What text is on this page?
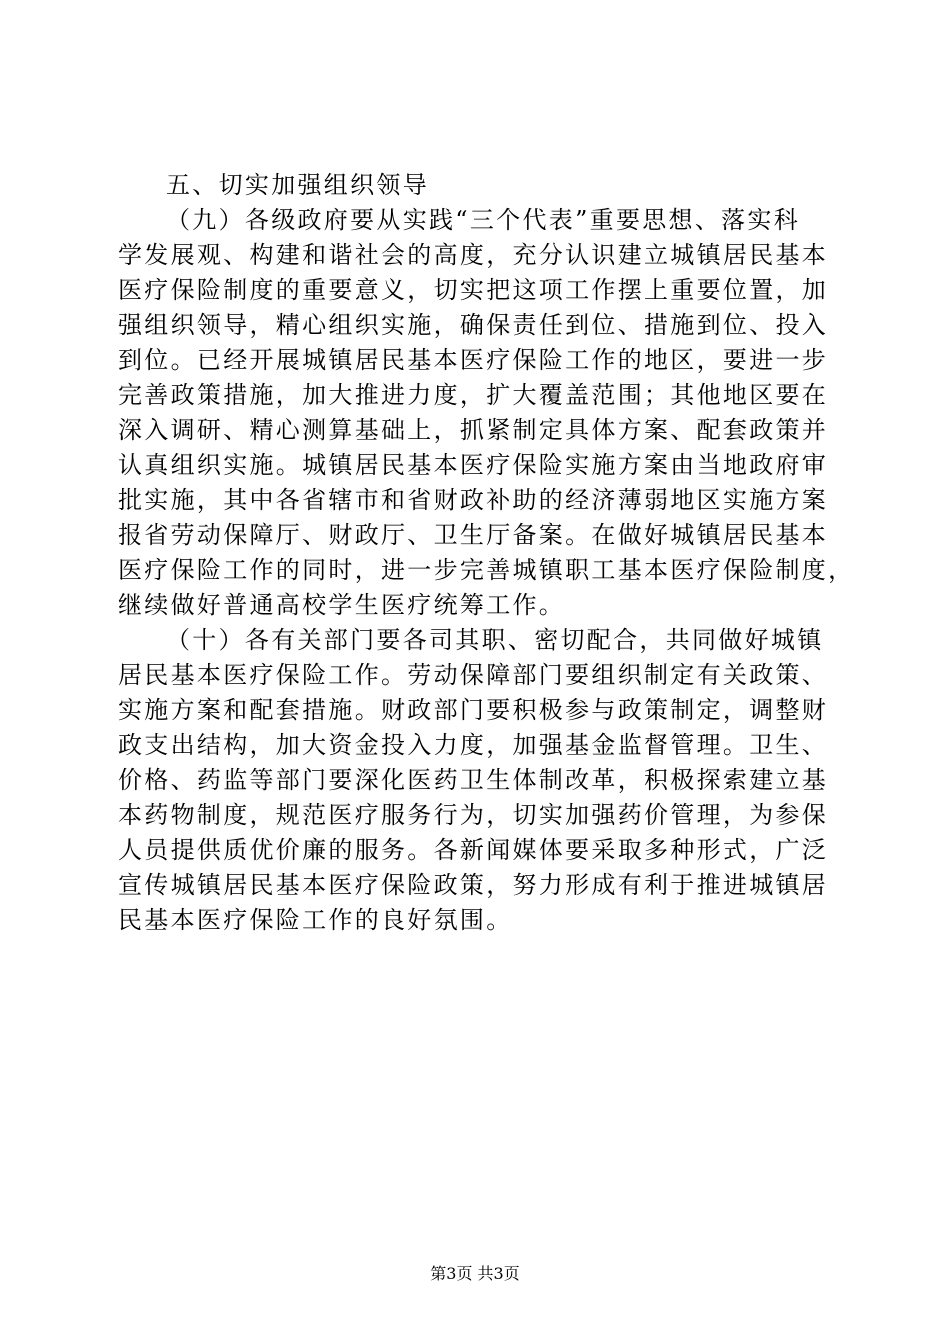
五、切实加强组织领导
（九）各级政府要从实践“三个代表”重要思想、落实科
学发展观、构建和谐社会的高度，充分认识建立城镇居民基本
医疗保险制度的重要意义，切实把这项工作摆上重要位置，加
强组织领导，精心组织实施，确保责任到位、措施到位、投入
到位。已经开展城镇居民基本医疗保险工作的地区，要进一步
完善政策措施，加大推进力度，扩大覆盖范围；其他地区要在
深入调研、精心测算基础上，抓紧制定具体方案、配套政策并
认真组织实施。城镇居民基本医疗保险实施方案由当地政府审
批实施，其中各省辖市和省财政补助的经济薄弱地区实施方案
报省劳动保障厅、财政厅、卫生厅备案。在做好城镇居民基本
医疗保险工作的同时，进一步完善城镇职工基本医疗保险制度，
继续做好普通高校学生医疗统筹工作。
（十）各有关部门要各司其职、密切配合，共同做好城镇
居民基本医疗保险工作。劳动保障部门要组织制定有关政策、
实施方案和配套措施。财政部门要积极参与政策制定，调整财
政支出结构，加大资金投入力度，加强基金监督管理。卫生、
价格、药监等部门要深化医药卫生体制改革，积极探索建立基
本药物制度，规范医疗服务行为，切实加强药价管理，为参保
人员提供质优价廉的服务。各新闻媒体要采取多种形式，广泛
宣传城镇居民基本医疗保险政策，努力形成有利于推进城镇居
民基本医疗保险工作的良好氛围。
第3页 共3页
